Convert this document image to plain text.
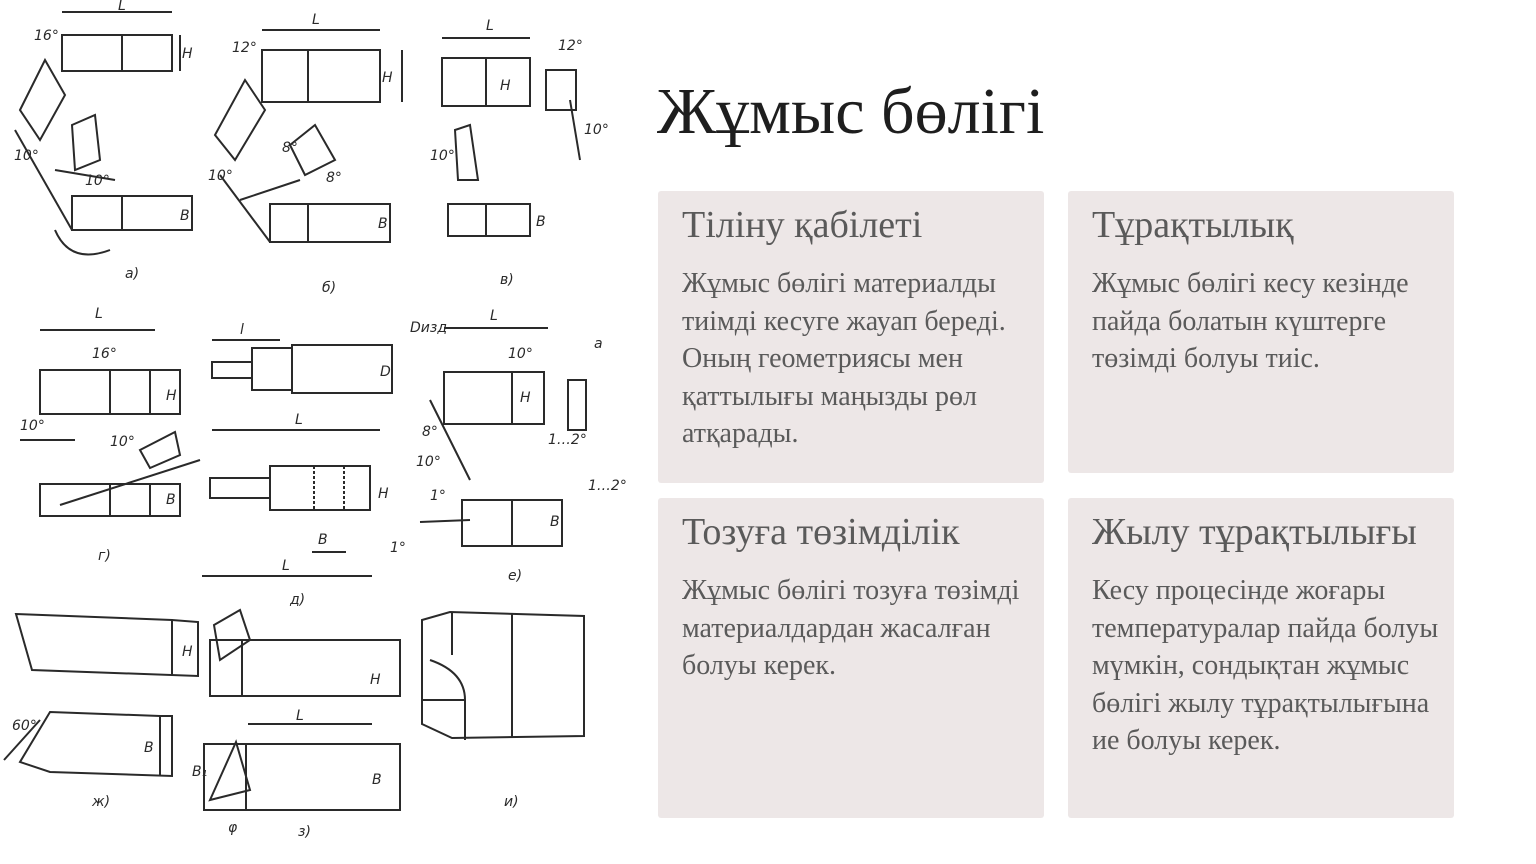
L
H
16°
10°
10°
B
а)
L
H
12°
10°
8°
8°
B
б)
L
H
12°
10°
10°
B
в)
L
16°
H
10°
10°
B
г)
l
D
L
H
B
L
д)
Dизд
L
10°
H
a
8°
10°
1…2°
1…2°
1°
1°
B
е)
H
60°
B
ж)
H
L
B₁	B
φ	з)
и)
Жұмыс бөлігі
Тіліну қабілеті
Жұмыс бөлігі материалды тиімді кесуге жауап береді. Оның геометриясы мен қаттылығы маңызды рөл атқарады.
Тұрақтылық
Жұмыс бөлігі кесу кезінде пайда болатын күштерге төзімді болуы тиіс.
Тозуға төзімділік
Жұмыс бөлігі тозуға төзімді материалдардан жасалған болуы керек.
Жылу тұрақтылығы
Кесу процесінде жоғары температуралар пайда болуы мүмкін, сондықтан жұмыс бөлігі жылу тұрақтылығына ие болуы керек.
